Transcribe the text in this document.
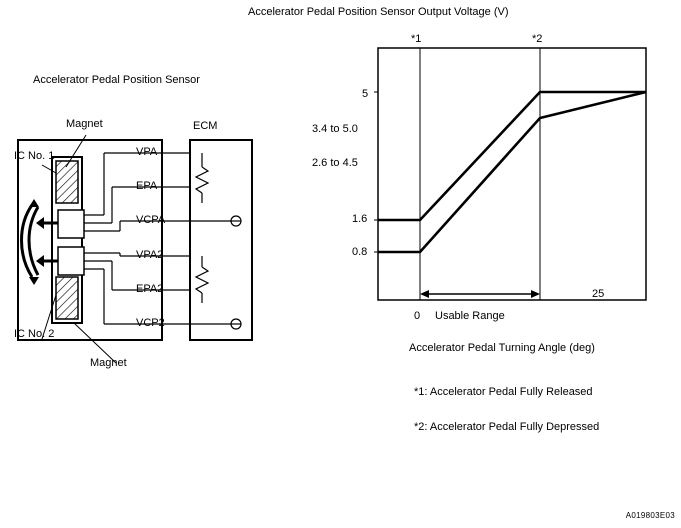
Accelerator Pedal Position Sensor Output Voltage (V)
Accelerator Pedal Position Sensor
Magnet
Magnet
IC No. 1
IC No. 2
ECM
VPA
EPA
VCPA
VPA2
EPA2
VCP2
*1	*2
5
3.4 to 5.0
2.6 to 4.5
1.6
0.8
0
25
Usable Range
Accelerator Pedal Turning Angle (deg)
*1: Accelerator Pedal Fully Released
*2: Accelerator Pedal Fully Depressed
A019803E03
